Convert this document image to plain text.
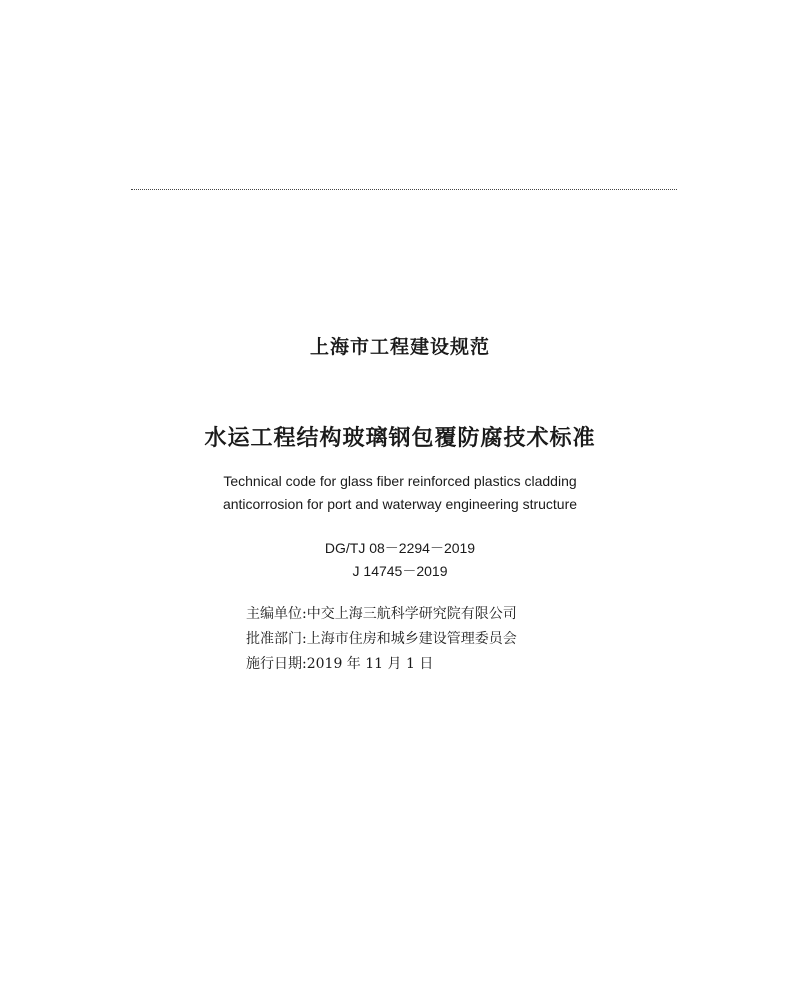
上海市工程建设规范
水运工程结构玻璃钢包覆防腐技术标准
Technical code for glass fiber reinforced plastics cladding
anticorrosion for port and waterway engineering structure
DG/TJ 08－2294－2019
J 14745－2019
主编单位:中交上海三航科学研究院有限公司
批准部门:上海市住房和城乡建设管理委员会
施行日期:2019 年 11 月 1 日
